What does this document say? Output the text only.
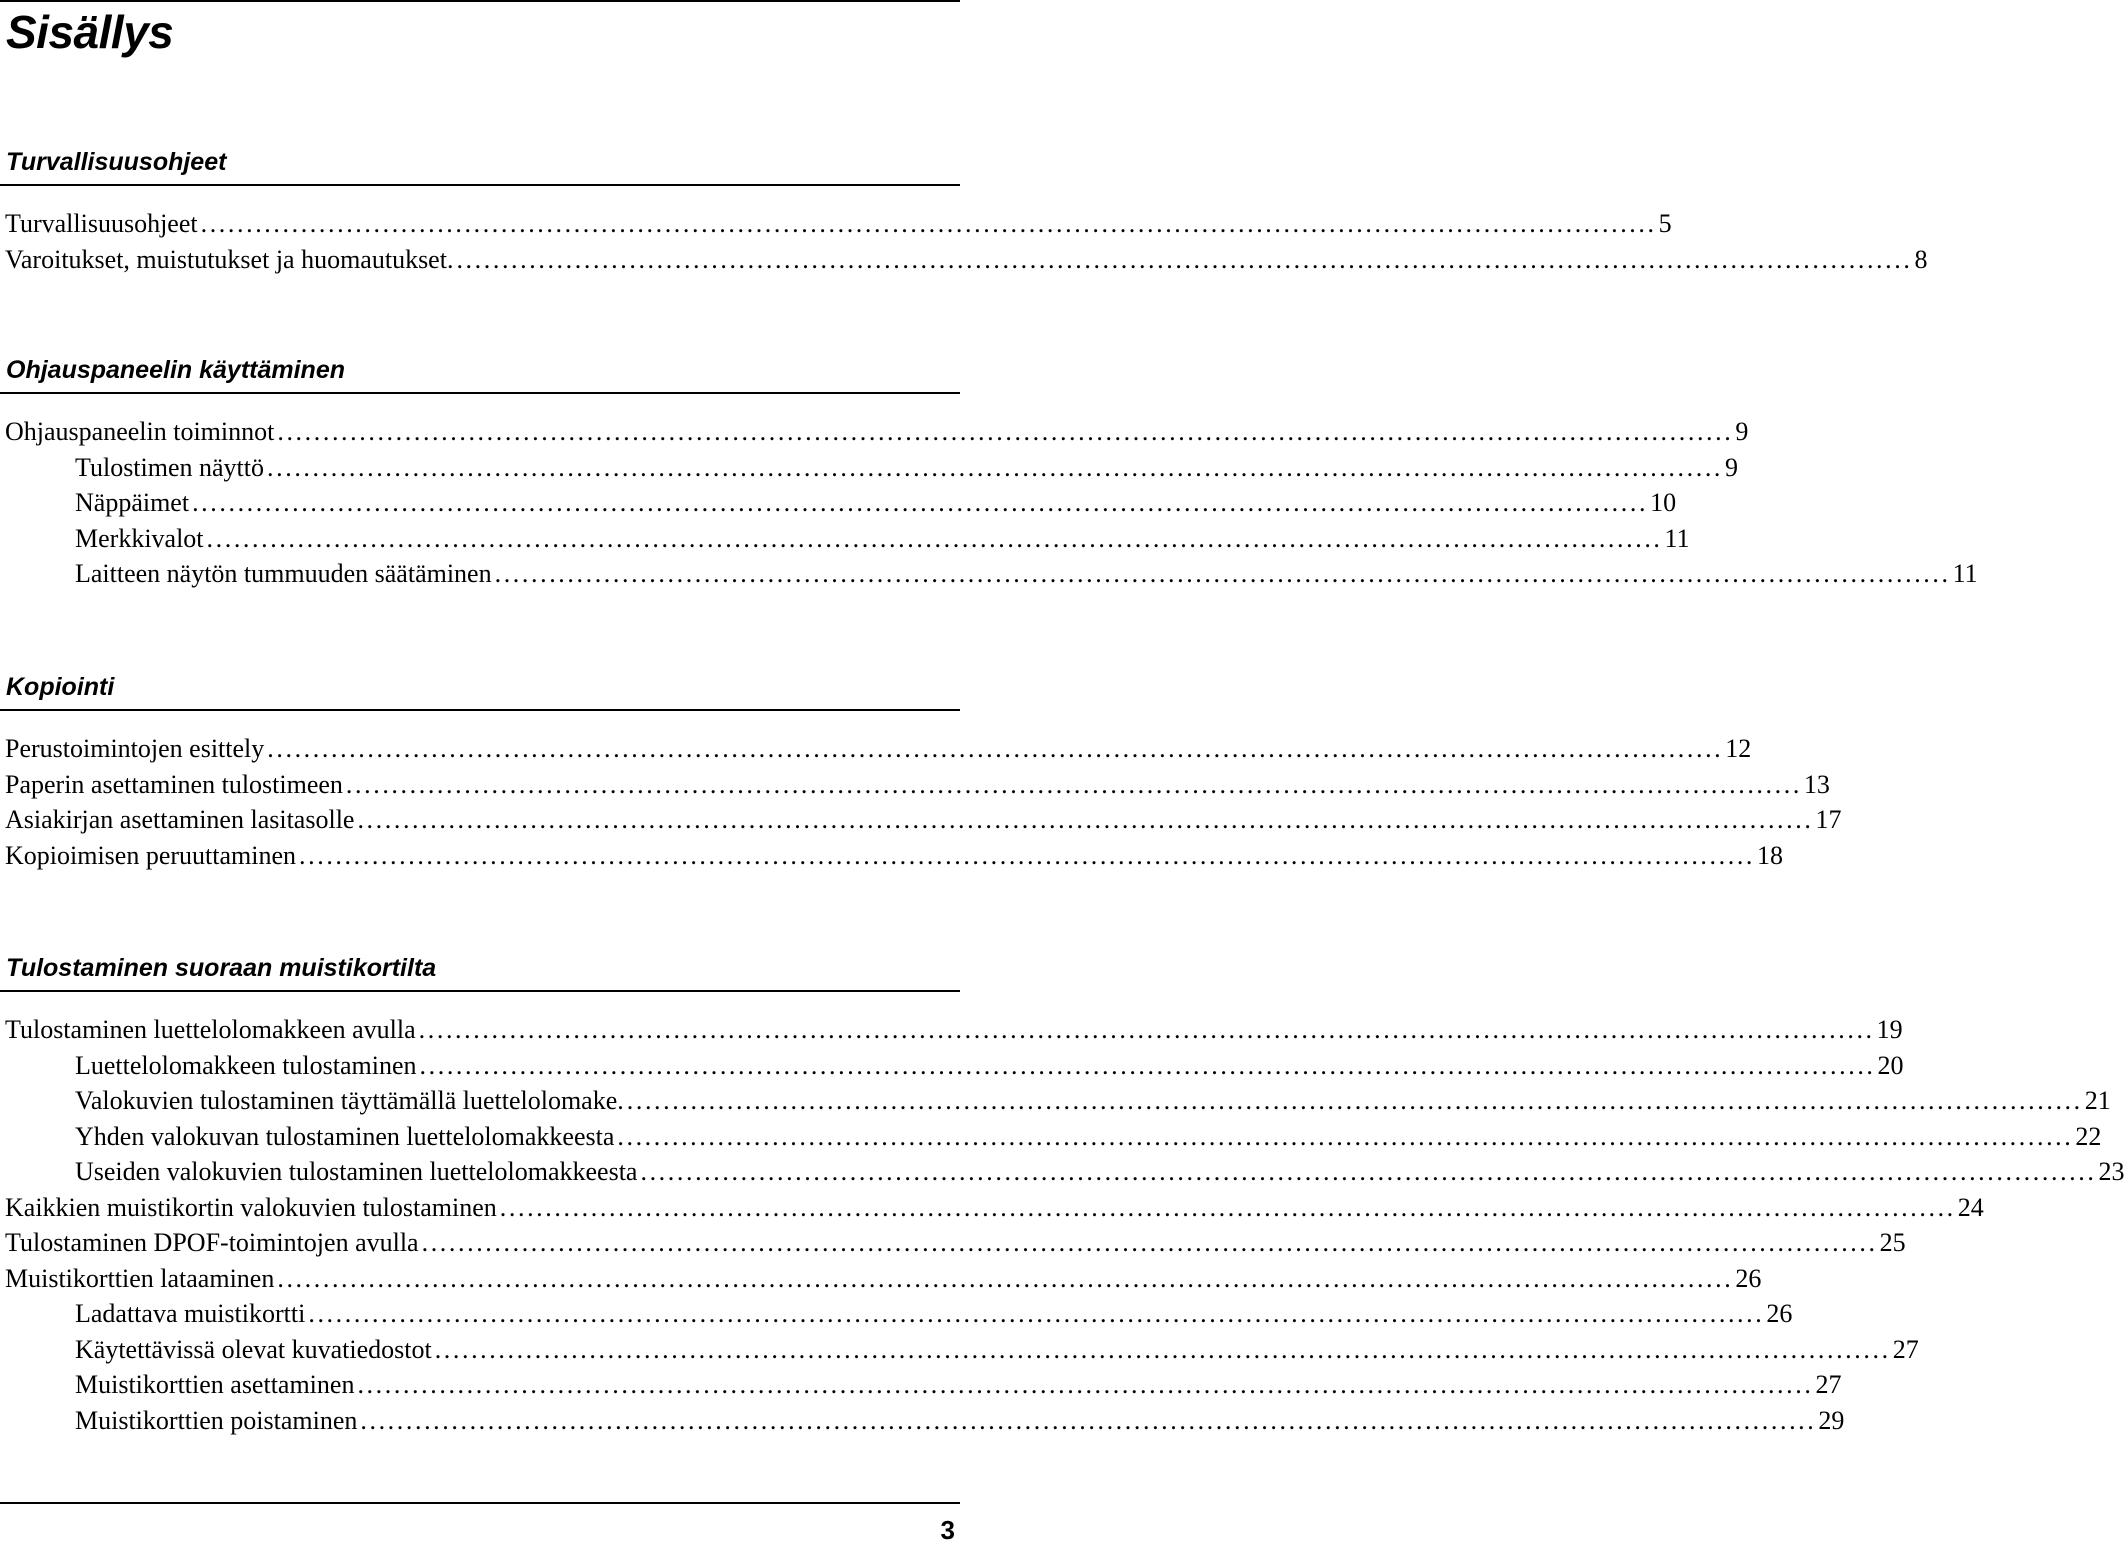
Sisällys
Turvallisuusohjeet
Turvallisuusohjeet ................................................................................................................................................................ 5
Varoitukset, muistutukset ja huomautukset. ................................................................................................................................................................ 8
Ohjauspaneelin käyttäminen
Ohjauspaneelin toiminnot ................................................................................................................................................................ 9
Tulostimen näyttö ................................................................................................................................................................ 9
Näppäimet ................................................................................................................................................................ 10
Merkkivalot ................................................................................................................................................................ 11
Laitteen näytön tummuuden säätäminen ................................................................................................................................................................ 11
Kopiointi
Perustoimintojen esittely ................................................................................................................................................................ 12
Paperin asettaminen tulostimeen ................................................................................................................................................................ 13
Asiakirjan asettaminen lasitasolle ................................................................................................................................................................ 17
Kopioimisen peruuttaminen ................................................................................................................................................................ 18
Tulostaminen suoraan muistikortilta
Tulostaminen luettelolomakkeen avulla ................................................................................................................................................................ 19
Luettelolomakkeen tulostaminen ................................................................................................................................................................ 20
Valokuvien tulostaminen täyttämällä luettelolomake. ................................................................................................................................................................ 21
Yhden valokuvan tulostaminen luettelolomakkeesta ................................................................................................................................................................ 22
Useiden valokuvien tulostaminen luettelolomakkeesta ................................................................................................................................................................ 23
Kaikkien muistikortin valokuvien tulostaminen ................................................................................................................................................................ 24
Tulostaminen DPOF-toimintojen avulla ................................................................................................................................................................ 25
Muistikorttien lataaminen ................................................................................................................................................................ 26
Ladattava muistikortti ................................................................................................................................................................ 26
Käytettävissä olevat kuvatiedostot ................................................................................................................................................................ 27
Muistikorttien asettaminen ................................................................................................................................................................ 27
Muistikorttien poistaminen ................................................................................................................................................................ 29
3
